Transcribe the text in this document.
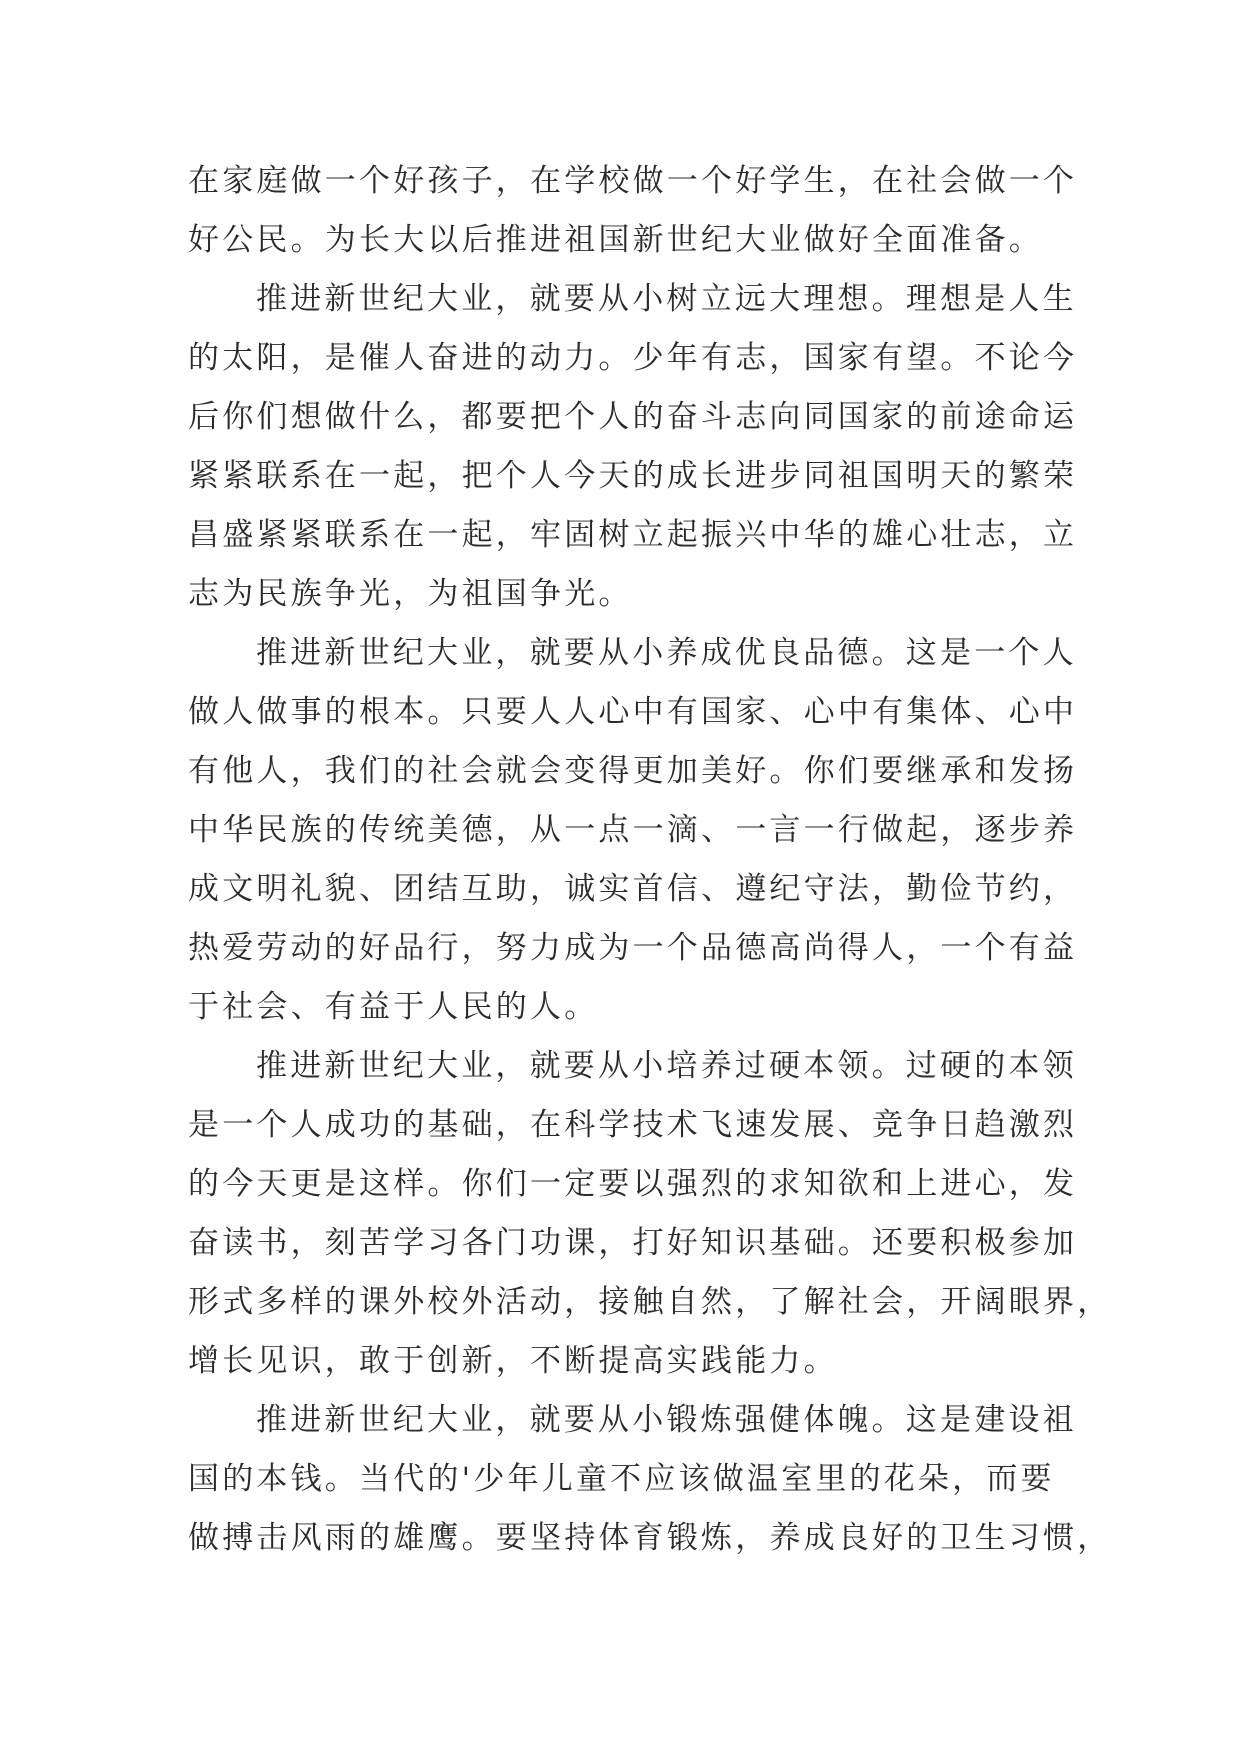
在家庭做一个好孩子，在学校做一个好学生，在社会做一个
好公民。为长大以后推进祖国新世纪大业做好全面准备。
推进新世纪大业，就要从小树立远大理想。理想是人生
的太阳，是催人奋进的动力。少年有志，国家有望。不论今
后你们想做什么，都要把个人的奋斗志向同国家的前途命运
紧紧联系在一起，把个人今天的成长进步同祖国明天的繁荣
昌盛紧紧联系在一起，牢固树立起振兴中华的雄心壮志，立
志为民族争光，为祖国争光。
推进新世纪大业，就要从小养成优良品德。这是一个人
做人做事的根本。只要人人心中有国家、心中有集体、心中
有他人，我们的社会就会变得更加美好。你们要继承和发扬
中华民族的传统美德，从一点一滴、一言一行做起，逐步养
成文明礼貌、团结互助，诚实首信、遵纪守法，勤俭节约，
热爱劳动的好品行，努力成为一个品德高尚得人，一个有益
于社会、有益于人民的人。
推进新世纪大业，就要从小培养过硬本领。过硬的本领
是一个人成功的基础，在科学技术飞速发展、竞争日趋激烈
的今天更是这样。你们一定要以强烈的求知欲和上进心，发
奋读书，刻苦学习各门功课，打好知识基础。还要积极参加
形式多样的课外校外活动，接触自然，了解社会，开阔眼界，
增长见识，敢于创新，不断提高实践能力。
推进新世纪大业，就要从小锻炼强健体魄。这是建设祖
国的本钱。当代的'少年儿童不应该做温室里的花朵，而要
做搏击风雨的雄鹰。要坚持体育锻炼，养成良好的卫生习惯，
